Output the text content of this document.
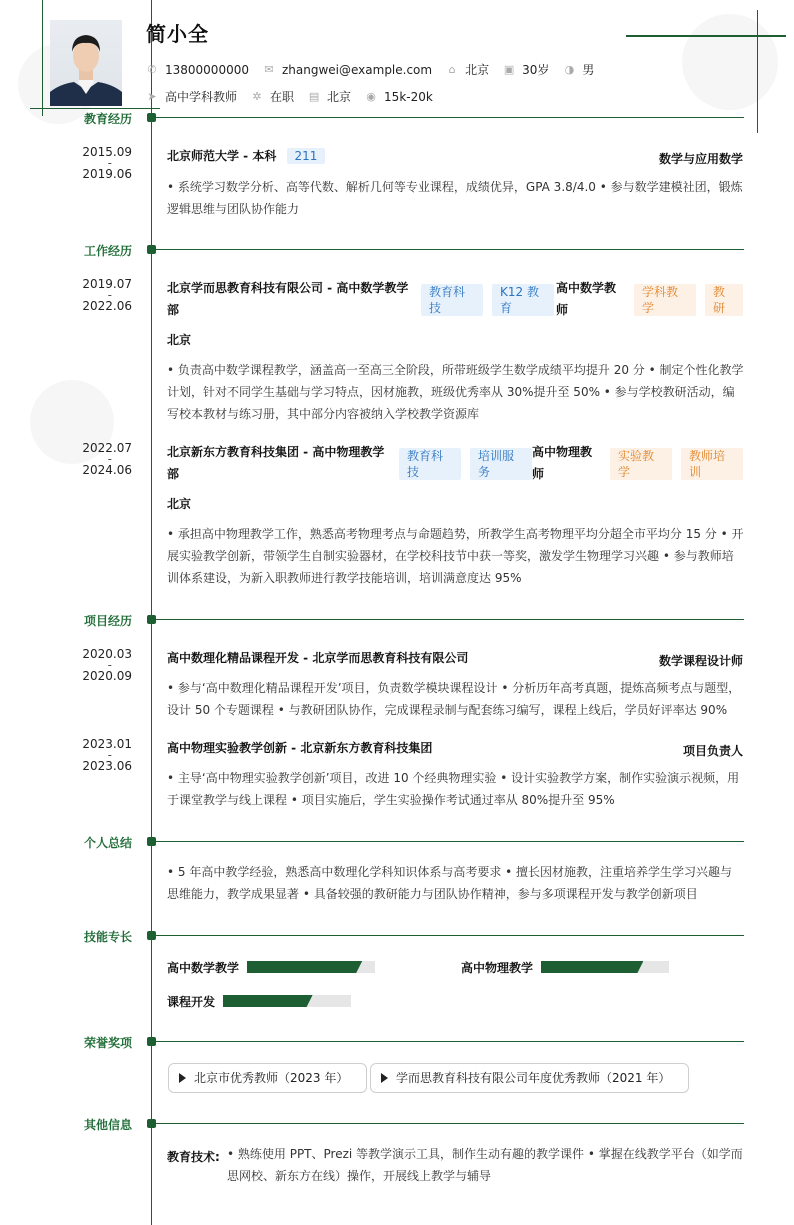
简小全
✆ 13800000000 ✉ zhangwei@example.com ⌂ 北京 ▣ 30岁 ◑ 男
➤ 高中学科教师 ✲ 在职 ▤ 北京 ◉ 15k-20k
教育经历
2015.09
-
2019.06
北京师范大学 - 本科 211	数学与应用数学
• 系统学习数学分析、高等代数、解析几何等专业课程，成绩优异，GPA 3.8/4.0 • 参与数学建模社团，锻炼逻辑思维与团队协作能力
工作经历
2019.07
-
2022.06
北京学而思教育科技有限公司 - 高中数学教学部
教育科技
K12 教育
高中数学教师
学科教学
教研
北京
• 负责高中数学课程教学，涵盖高一至高三全阶段，所带班级学生数学成绩平均提升 20 分 • 制定个性化教学计划，针对不同学生基础与学习特点，因材施教，班级优秀率从 30%提升至 50% • 参与学校教研活动，编写校本教材与练习册，其中部分内容被纳入学校教学资源库
2022.07
-
2024.06
北京新东方教育科技集团 - 高中物理教学部
教育科技
培训服务
高中物理教师
实验教学
教师培训
北京
• 承担高中物理教学工作，熟悉高考物理考点与命题趋势，所教学生高考物理平均分超全市平均分 15 分 • 开展实验教学创新，带领学生自制实验器材，在学校科技节中获一等奖，激发学生物理学习兴趣 • 参与教师培训体系建设，为新入职教师进行教学技能培训，培训满意度达 95%
项目经历
2020.03
-
2020.09
高中数理化精品课程开发 - 北京学而思教育科技有限公司	数学课程设计师
• 参与‘高中数理化精品课程开发’项目，负责数学模块课程设计 • 分析历年高考真题，提炼高频考点与题型，设计 50 个专题课程 • 与教研团队协作，完成课程录制与配套练习编写，课程上线后，学员好评率达 90%
2023.01
-
2023.06
高中物理实验教学创新 - 北京新东方教育科技集团	项目负责人
• 主导‘高中物理实验教学创新’项目，改进 10 个经典物理实验 • 设计实验教学方案，制作实验演示视频，用于课堂教学与线上课程 • 项目实施后，学生实验操作考试通过率从 80%提升至 95%
个人总结
• 5 年高中教学经验，熟悉高中数理化学科知识体系与高考要求 • 擅长因材施教，注重培养学生学习兴趣与思维能力，教学成果显著 • 具备较强的教研能力与团队协作精神，参与多项课程开发与教学创新项目
技能专长
高中数学教学	高中物理教学
课程开发
荣誉奖项
北京市优秀教师（2023 年）	学而思教育科技有限公司年度优秀教师（2021 年）
其他信息
教育技术: • 熟练使用 PPT、Prezi 等教学演示工具，制作生动有趣的教学课件 • 掌握在线教学平台（如学而思网校、新东方在线）操作，开展线上教学与辅导
